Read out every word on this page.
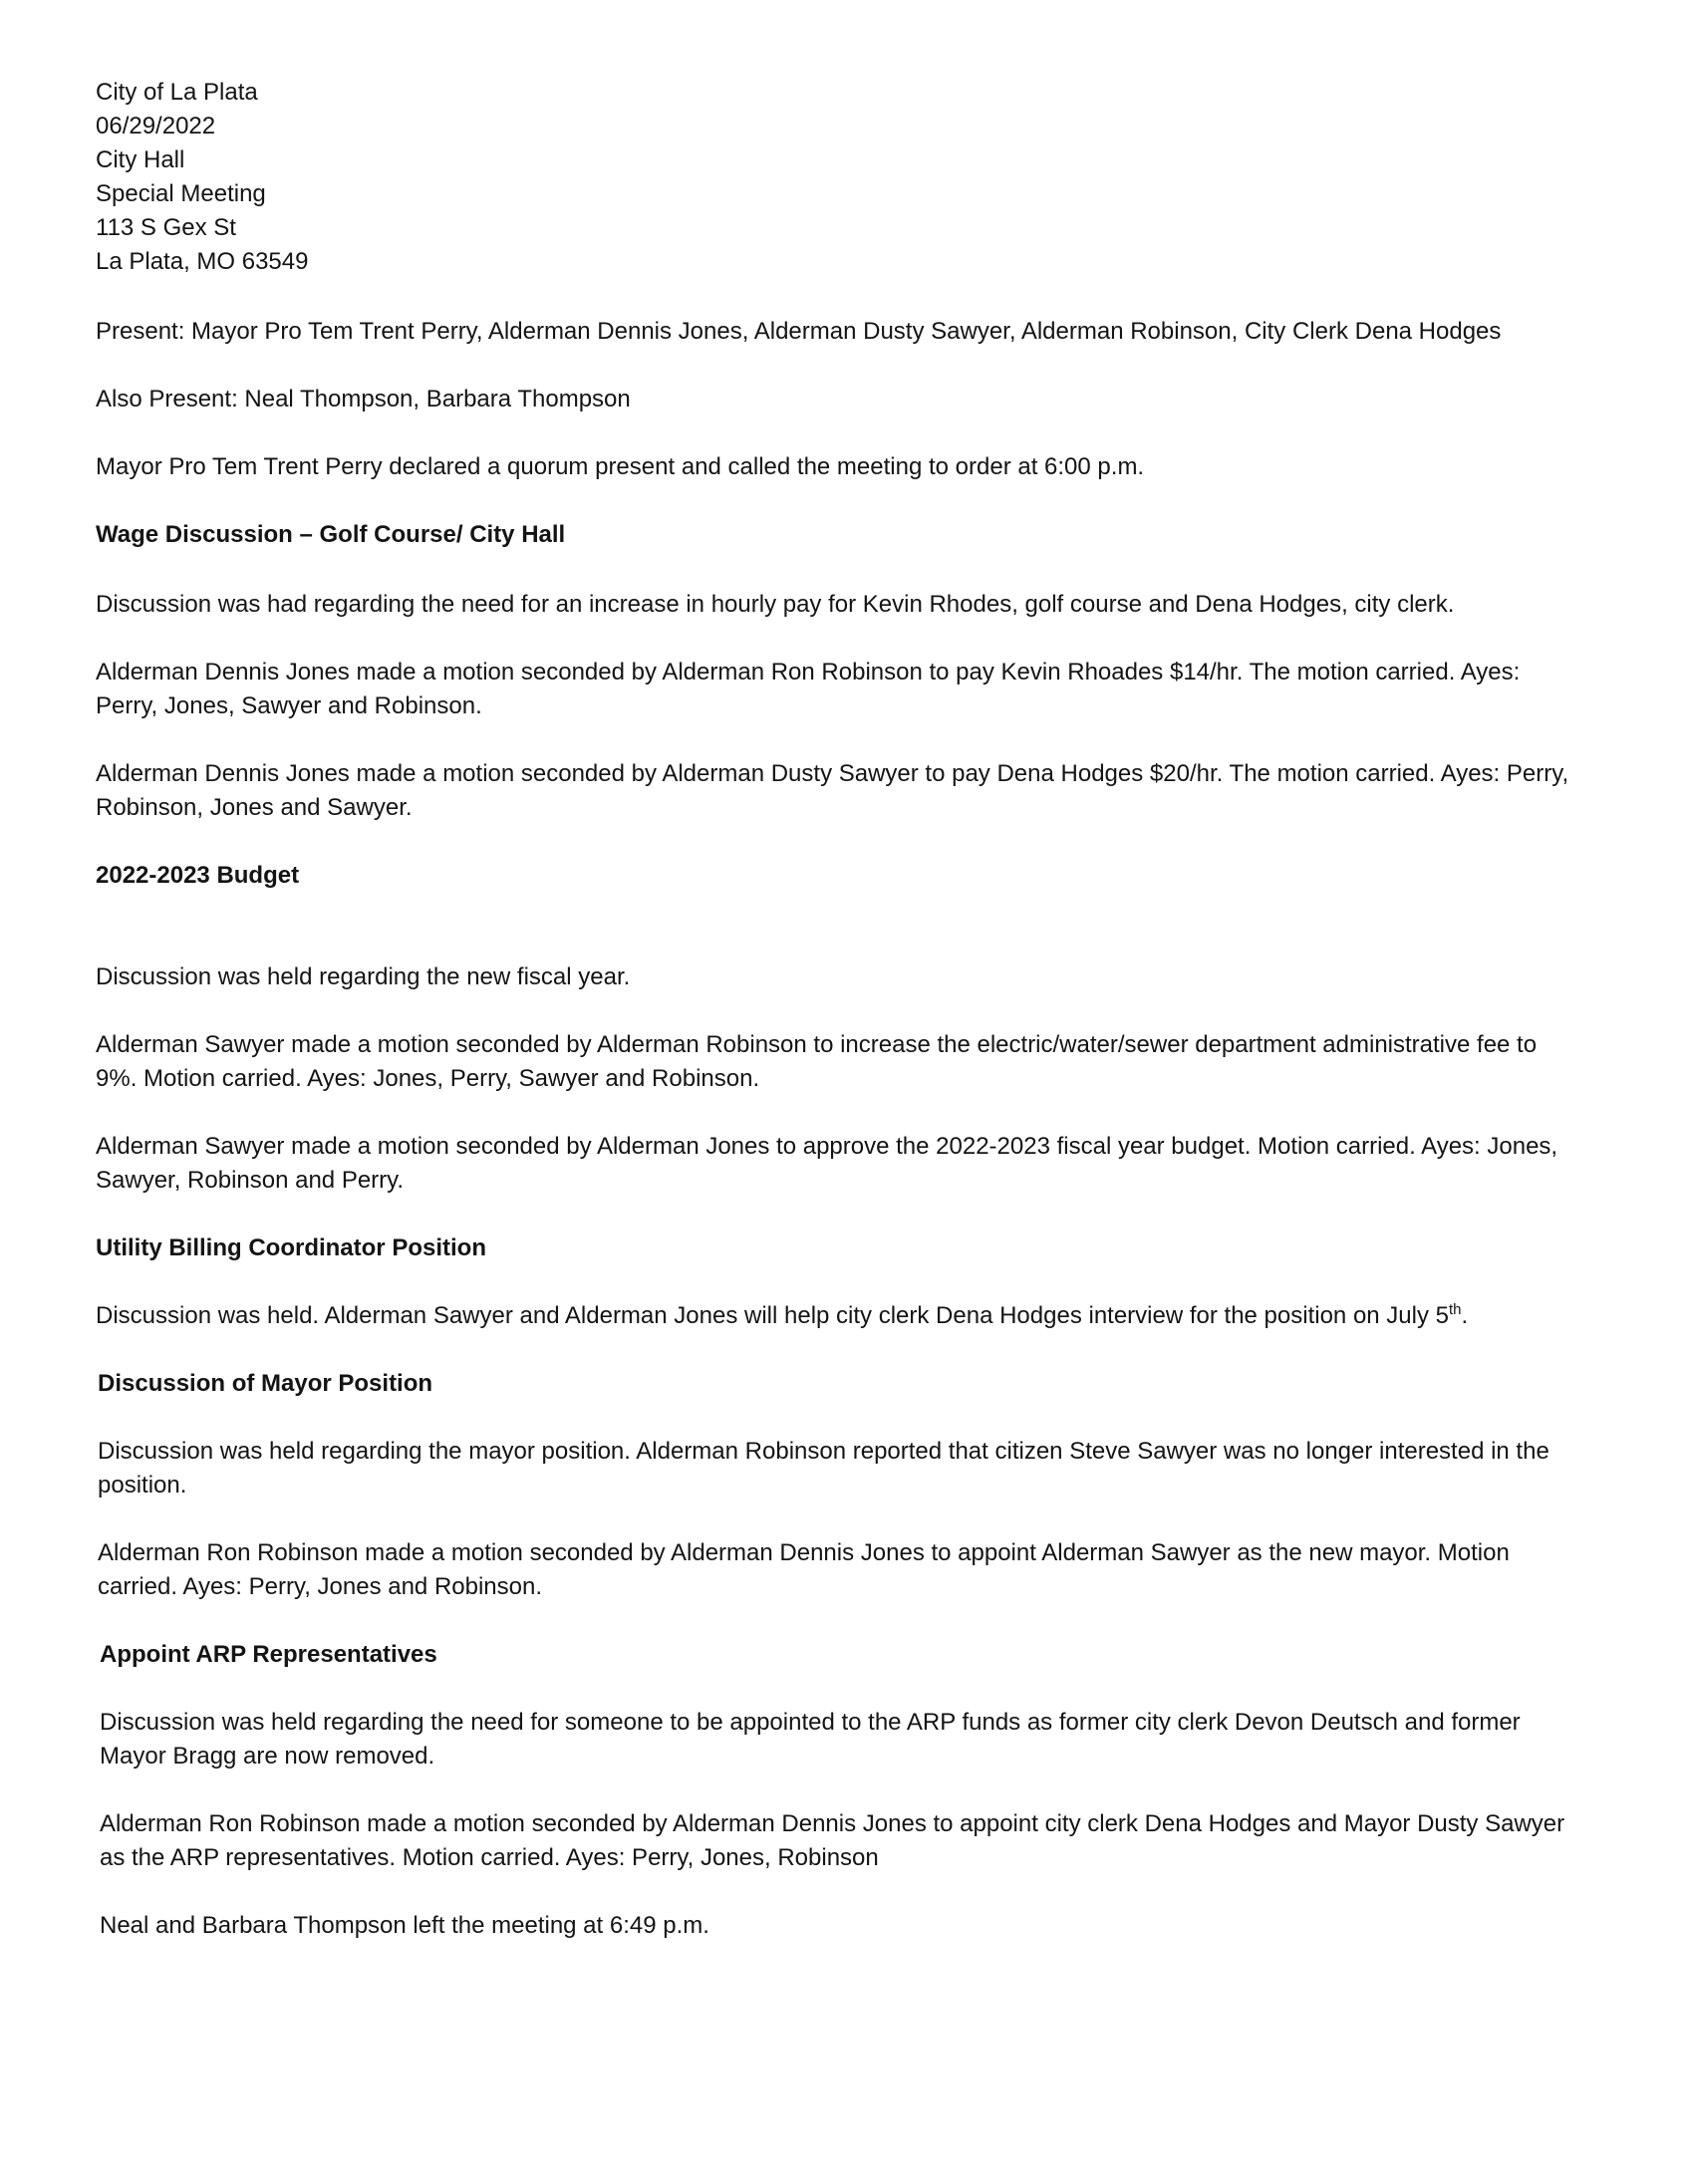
City of La Plata

06/29/2022

City Hall

Special Meeting

113 S Gex St

La Plata, MO 63549

Present: Mayor Pro Tem Trent Perry, Alderman Dennis Jones, Alderman Dusty Sawyer, Alderman Robinson, City Clerk Dena Hodges

Also Present: Neal Thompson, Barbara Thompson

Mayor Pro Tem Trent Perry declared a quorum present and called the meeting to order at 6:00 p.m.

Wage Discussion – Golf Course/ City Hall

Discussion was had regarding the need for an increase in hourly pay for Kevin Rhodes, golf course and Dena Hodges, city clerk.

Alderman Dennis Jones made a motion seconded by Alderman Ron Robinson to pay Kevin Rhoades $14/hr. The motion carried. Ayes: Perry, Jones, Sawyer and Robinson.

Alderman Dennis Jones made a motion seconded by Alderman Dusty Sawyer to pay Dena Hodges $20/hr. The motion carried. Ayes: Perry, Robinson, Jones and Sawyer.

2022-2023 Budget

Discussion was held regarding the new fiscal year.

Alderman Sawyer made a motion seconded by Alderman Robinson to increase the electric/water/sewer department administrative fee to 9%. Motion carried. Ayes: Jones, Perry, Sawyer and Robinson.

Alderman Sawyer made a motion seconded by Alderman Jones to approve the 2022-2023 fiscal year budget. Motion carried. Ayes: Jones, Sawyer, Robinson and Perry.

Utility Billing Coordinator Position

Discussion was held. Alderman Sawyer and Alderman Jones will help city clerk Dena Hodges interview for the position on July 5th.

Discussion of Mayor Position

Discussion was held regarding the mayor position. Alderman Robinson reported that citizen Steve Sawyer was no longer interested in the position.

Alderman Ron Robinson made a motion seconded by Alderman Dennis Jones to appoint Alderman Sawyer as the new mayor. Motion carried. Ayes: Perry, Jones and Robinson.

Appoint ARP Representatives

Discussion was held regarding the need for someone to be appointed to the ARP funds as former city clerk Devon Deutsch and former Mayor Bragg are now removed.

Alderman Ron Robinson made a motion seconded by Alderman Dennis Jones to appoint city clerk Dena Hodges and Mayor Dusty Sawyer as the ARP representatives. Motion carried. Ayes: Perry, Jones, Robinson

Neal and Barbara Thompson left the meeting at 6:49 p.m.
